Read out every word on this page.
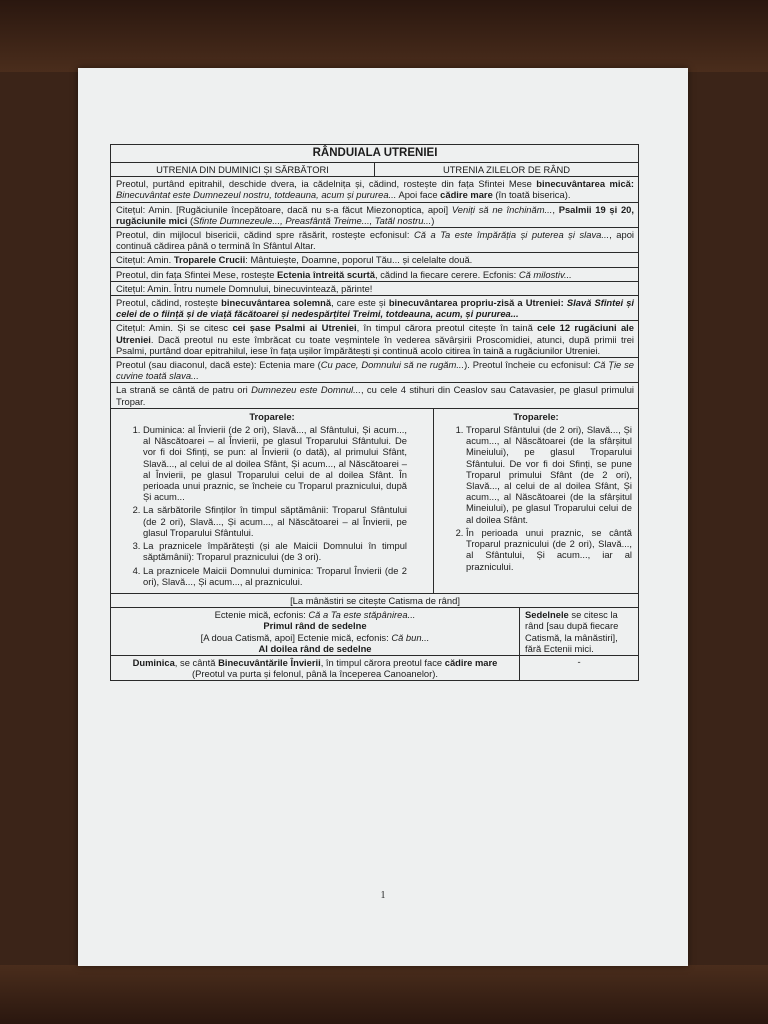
RÂNDUIALA UTRENIEI
UTRENIA DIN DUMINICI ȘI SĂRBĂTORI	UTRENIA ZILELOR DE RÂND
Preotul, purtând epitrahil, deschide dvera, ia cădelnița și, cădind, rostește din fața Sfintei Mese binecuvântarea mică: Binecuvântat este Dumnezeul nostru, totdeauna, acum și pururea... Apoi face cădire mare (în toată biserica).
Citețul: Amin. [Rugăciunile începătoare, dacă nu s-a făcut Miezonoptica, apoi] Veniți să ne închinăm..., Psalmii 19 și 20, rugăciunile mici (Sfinte Dumnezeule..., Preasfântă Treime..., Tatăl nostru...)
Preotul, din mijlocul bisericii, cădind spre răsărit, rostește ecfonisul: Că a Ta este împărăția și puterea și slava..., apoi continuă cădirea până o termină în Sfântul Altar.
Citețul: Amin. Troparele Crucii: Mântuiește, Doamne, poporul Tău... și celelalte două.
Preotul, din fața Sfintei Mese, rostește Ectenia întreită scurtă, cădind la fiecare cerere. Ecfonis: Că milostiv...
Citețul: Amin. Întru numele Domnului, binecuvintează, părinte!
Preotul, cădind, rostește binecuvântarea solemnă, care este și binecuvântarea propriu-zisă a Utreniei: Slavă Sfintei și celei de o ființă și de viață făcătoarei și nedespărțitei Treimi, totdeauna, acum, și pururea...
Citețul: Amin. Și se citesc cei șase Psalmi ai Utreniei, în timpul cărora preotul citește în taină cele 12 rugăciuni ale Utreniei. Dacă preotul nu este îmbrăcat cu toate veșmintele în vederea săvârșirii Proscomidiei, atunci, după primii trei Psalmi, purtând doar epitrahilul, iese în fața ușilor împărătești și continuă acolo citirea în taină a rugăciunilor Utreniei.
Preotul (sau diaconul, dacă este): Ectenia mare (Cu pace, Domnului să ne rugăm...). Preotul încheie cu ecfonisul: Că Ție se cuvine toată slava...
La strană se cântă de patru ori Dumnezeu este Domnul..., cu cele 4 stihuri din Ceaslov sau Catavasier, pe glasul primului Tropar.
Troparele:
1. Duminica: al Învierii (de 2 ori), Slavă..., al Sfântului, Și acum..., al Născătoarei – al Învierii, pe glasul Troparului Sfântului. De vor fi doi Sfinți, se pun: al Învierii (o dată), al primului Sfânt, Slavă..., al celui de al doilea Sfânt, Și acum..., al Născătoarei – al Învierii, pe glasul Troparului celui de al doilea Sfânt. În perioada unui praznic, se încheie cu Troparul praznicului, după Și acum...
2. La sărbătorile Sfinților în timpul săptămânii: Troparul Sfântului (de 2 ori), Slavă..., Și acum..., al Născătoarei – al Învierii, pe glasul Troparului Sfântului.
3. La praznicele împărătești (și ale Maicii Domnului în timpul săptămânii): Troparul praznicului (de 3 ori).
4. La praznicele Maicii Domnului duminica: Troparul Învierii (de 2 ori), Slavă..., Și acum..., al praznicului.
Troparele:
1. Troparul Sfântului (de 2 ori), Slavă..., Și acum..., al Născătoarei (de la sfârșitul Mineiului), pe glasul Troparului Sfântului. De vor fi doi Sfinți, se pune Troparul primului Sfânt (de 2 ori), Slavă..., al celui de al doilea Sfânt, Și acum..., al Născătoarei (de la sfârșitul Mineiului), pe glasul Troparului celui de al doilea Sfânt.
2. În perioada unui praznic, se cântă Troparul praznicului (de 2 ori), Slavă..., al Sfântului, Și acum..., iar al praznicului.
[La mânăstiri se citește Catisma de rând]
Ectenie mică, ecfonis: Că a Ta este stăpânirea...
Primul rând de sedelne
[A doua Catismă, apoi] Ectenie mică, ecfonis: Că bun...
Al doilea rând de sedelne
Sedelnele se citesc la rând [sau după fiecare Catismă, la mânăstiri], fără Ectenii mici.
Duminica, se cântă Binecuvântările Învierii, în timpul cărora preotul face cădire mare (Preotul va purta și felonul, până la începerea Canoanelor).
-
1
